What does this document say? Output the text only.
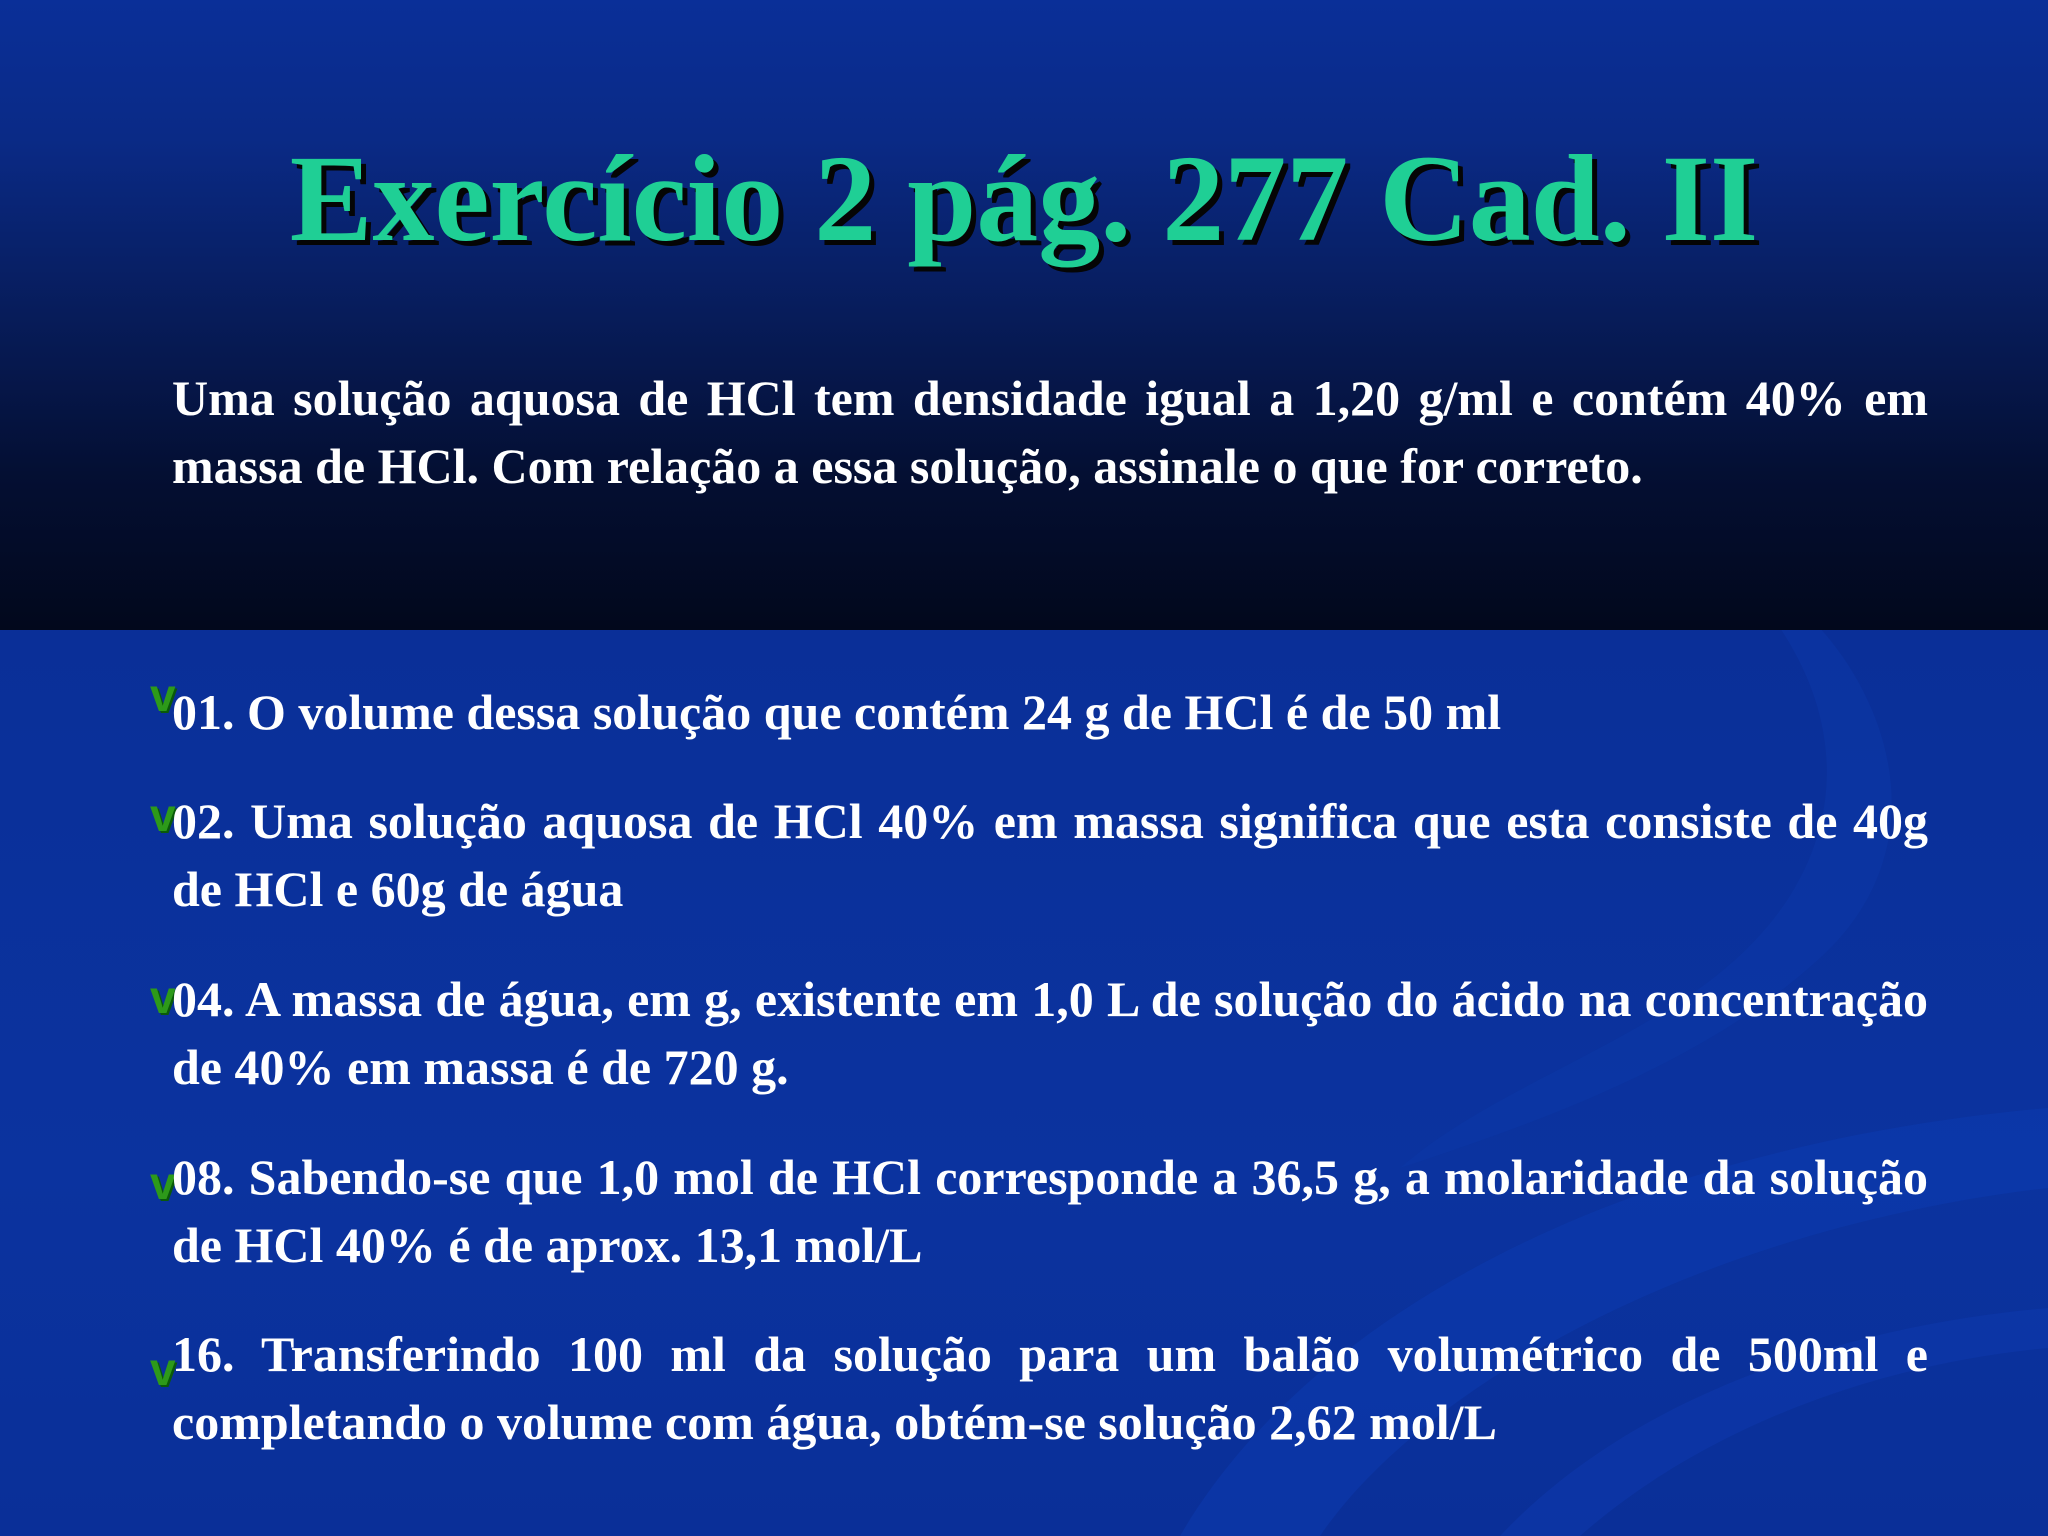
Exercício 2 pág. 277 Cad. II
Uma solução aquosa de HCl tem densidade igual a 1,20 g/ml e contém 40% em massa de HCl. Com relação a essa solução, assinale o que for correto.
v
01. O volume dessa solução que contém 24 g de HCl é de 50 ml
v
02. Uma solução aquosa de HCl 40% em massa significa que esta consiste de 40g de HCl e 60g de água
v
04. A massa de água, em g, existente em 1,0 L de solução do ácido na concentração de 40% em massa é de 720 g.
v
08. Sabendo-se que 1,0 mol de HCl corresponde a 36,5 g, a molaridade da solução de HCl 40% é de aprox. 13,1 mol/L
v
16. Transferindo 100 ml da solução para um balão volumétrico de 500ml e completando o volume com água, obtém-se solução 2,62 mol/L
